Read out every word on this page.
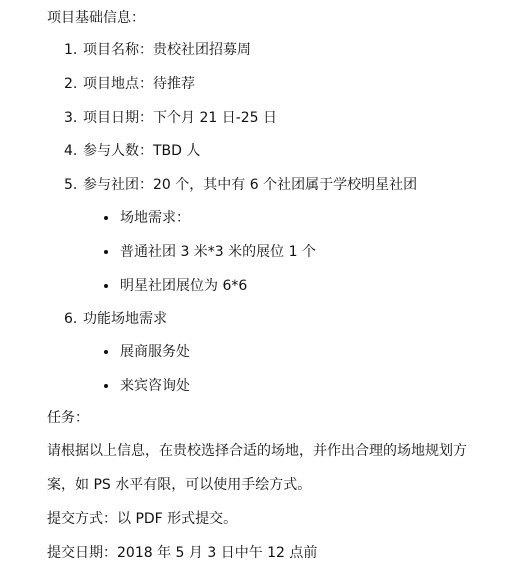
项目基础信息：
1. 项目名称：贵校社团招募周
2. 项目地点：待推荐
3. 项目日期：下个月 21 日-25 日
4. 参与人数：TBD 人
5. 参与社团：20 个，其中有 6 个社团属于学校明星社团
场地需求：
普通社团 3 米*3 米的展位 1 个
明星社团展位为 6*6
6. 功能场地需求
展商服务处
来宾咨询处
任务：
请根据以上信息，在贵校选择合适的场地，并作出合理的场地规划方
案，如 PS 水平有限，可以使用手绘方式。
提交方式：以 PDF 形式提交。
提交日期：2018 年 5 月 3 日中午 12 点前
